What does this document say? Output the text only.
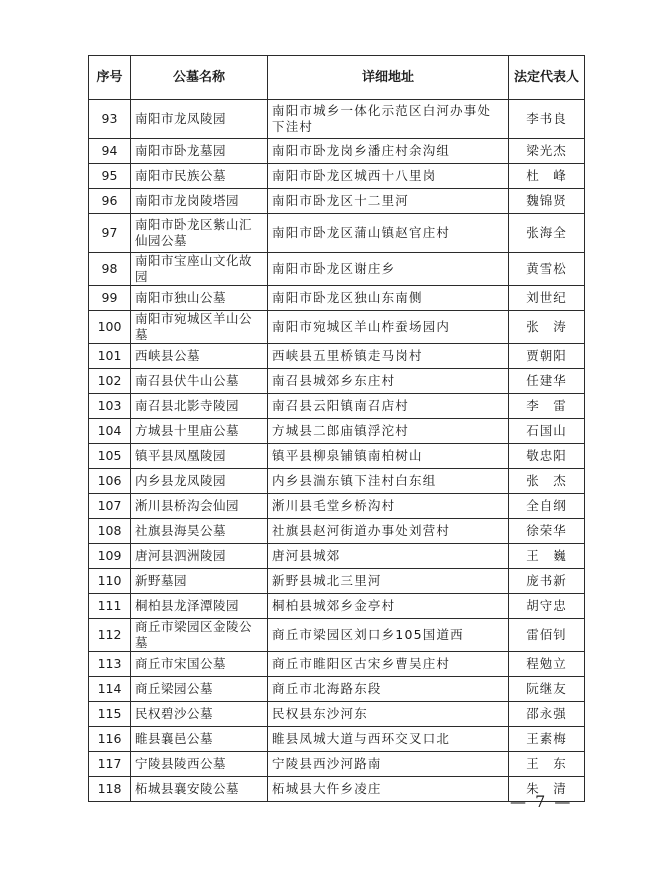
序号	公墓名称	详细地址	法定代表人
93	南阳市龙凤陵园	南阳市城乡一体化示范区白河办事处下洼村	李书良
94	南阳市卧龙墓园	南阳市卧龙岗乡潘庄村余沟组	梁光杰
95	南阳市民族公墓	南阳市卧龙区城西十八里岗	杜　峰
96	南阳市龙岗陵塔园	南阳市卧龙区十二里河	魏锦贤
97	南阳市卧龙区紫山汇仙园公墓	南阳市卧龙区蒲山镇赵官庄村	张海全
98	南阳市宝座山文化故园	南阳市卧龙区谢庄乡	黄雪松
99	南阳市独山公墓	南阳市卧龙区独山东南侧	刘世纪
100	南阳市宛城区羊山公墓	南阳市宛城区羊山柞蚕场园内	张　涛
101	西峡县公墓	西峡县五里桥镇走马岗村	贾朝阳
102	南召县伏牛山公墓	南召县城郊乡东庄村	任建华
103	南召县北影寺陵园	南召县云阳镇南召店村	李　雷
104	方城县十里庙公墓	方城县二郎庙镇浮沱村	石国山
105	镇平县凤凰陵园	镇平县柳泉铺镇南柏树山	敬忠阳
106	内乡县龙凤陵园	内乡县湍东镇下洼村白东组	张　杰
107	淅川县桥沟会仙园	淅川县毛堂乡桥沟村	全自纲
108	社旗县海昊公墓	社旗县赵河街道办事处刘营村	徐荣华
109	唐河县泗洲陵园	唐河县城郊	王　巍
110	新野墓园	新野县城北三里河	庞书新
111	桐柏县龙泽潭陵园	桐柏县城郊乡金亭村	胡守忠
112	商丘市梁园区金陵公墓	商丘市梁园区刘口乡105国道西	雷佰钊
113	商丘市宋国公墓	商丘市睢阳区古宋乡曹吴庄村	程勉立
114	商丘梁园公墓	商丘市北海路东段	阮继友
115	民权碧沙公墓	民权县东沙河东	邵永强
116	睢县襄邑公墓	睢县凤城大道与西环交叉口北	王素梅
117	宁陵县陵西公墓	宁陵县西沙河路南	王　东
118	柘城县襄安陵公墓	柘城县大仵乡凌庄	朱　清
— 7 —
